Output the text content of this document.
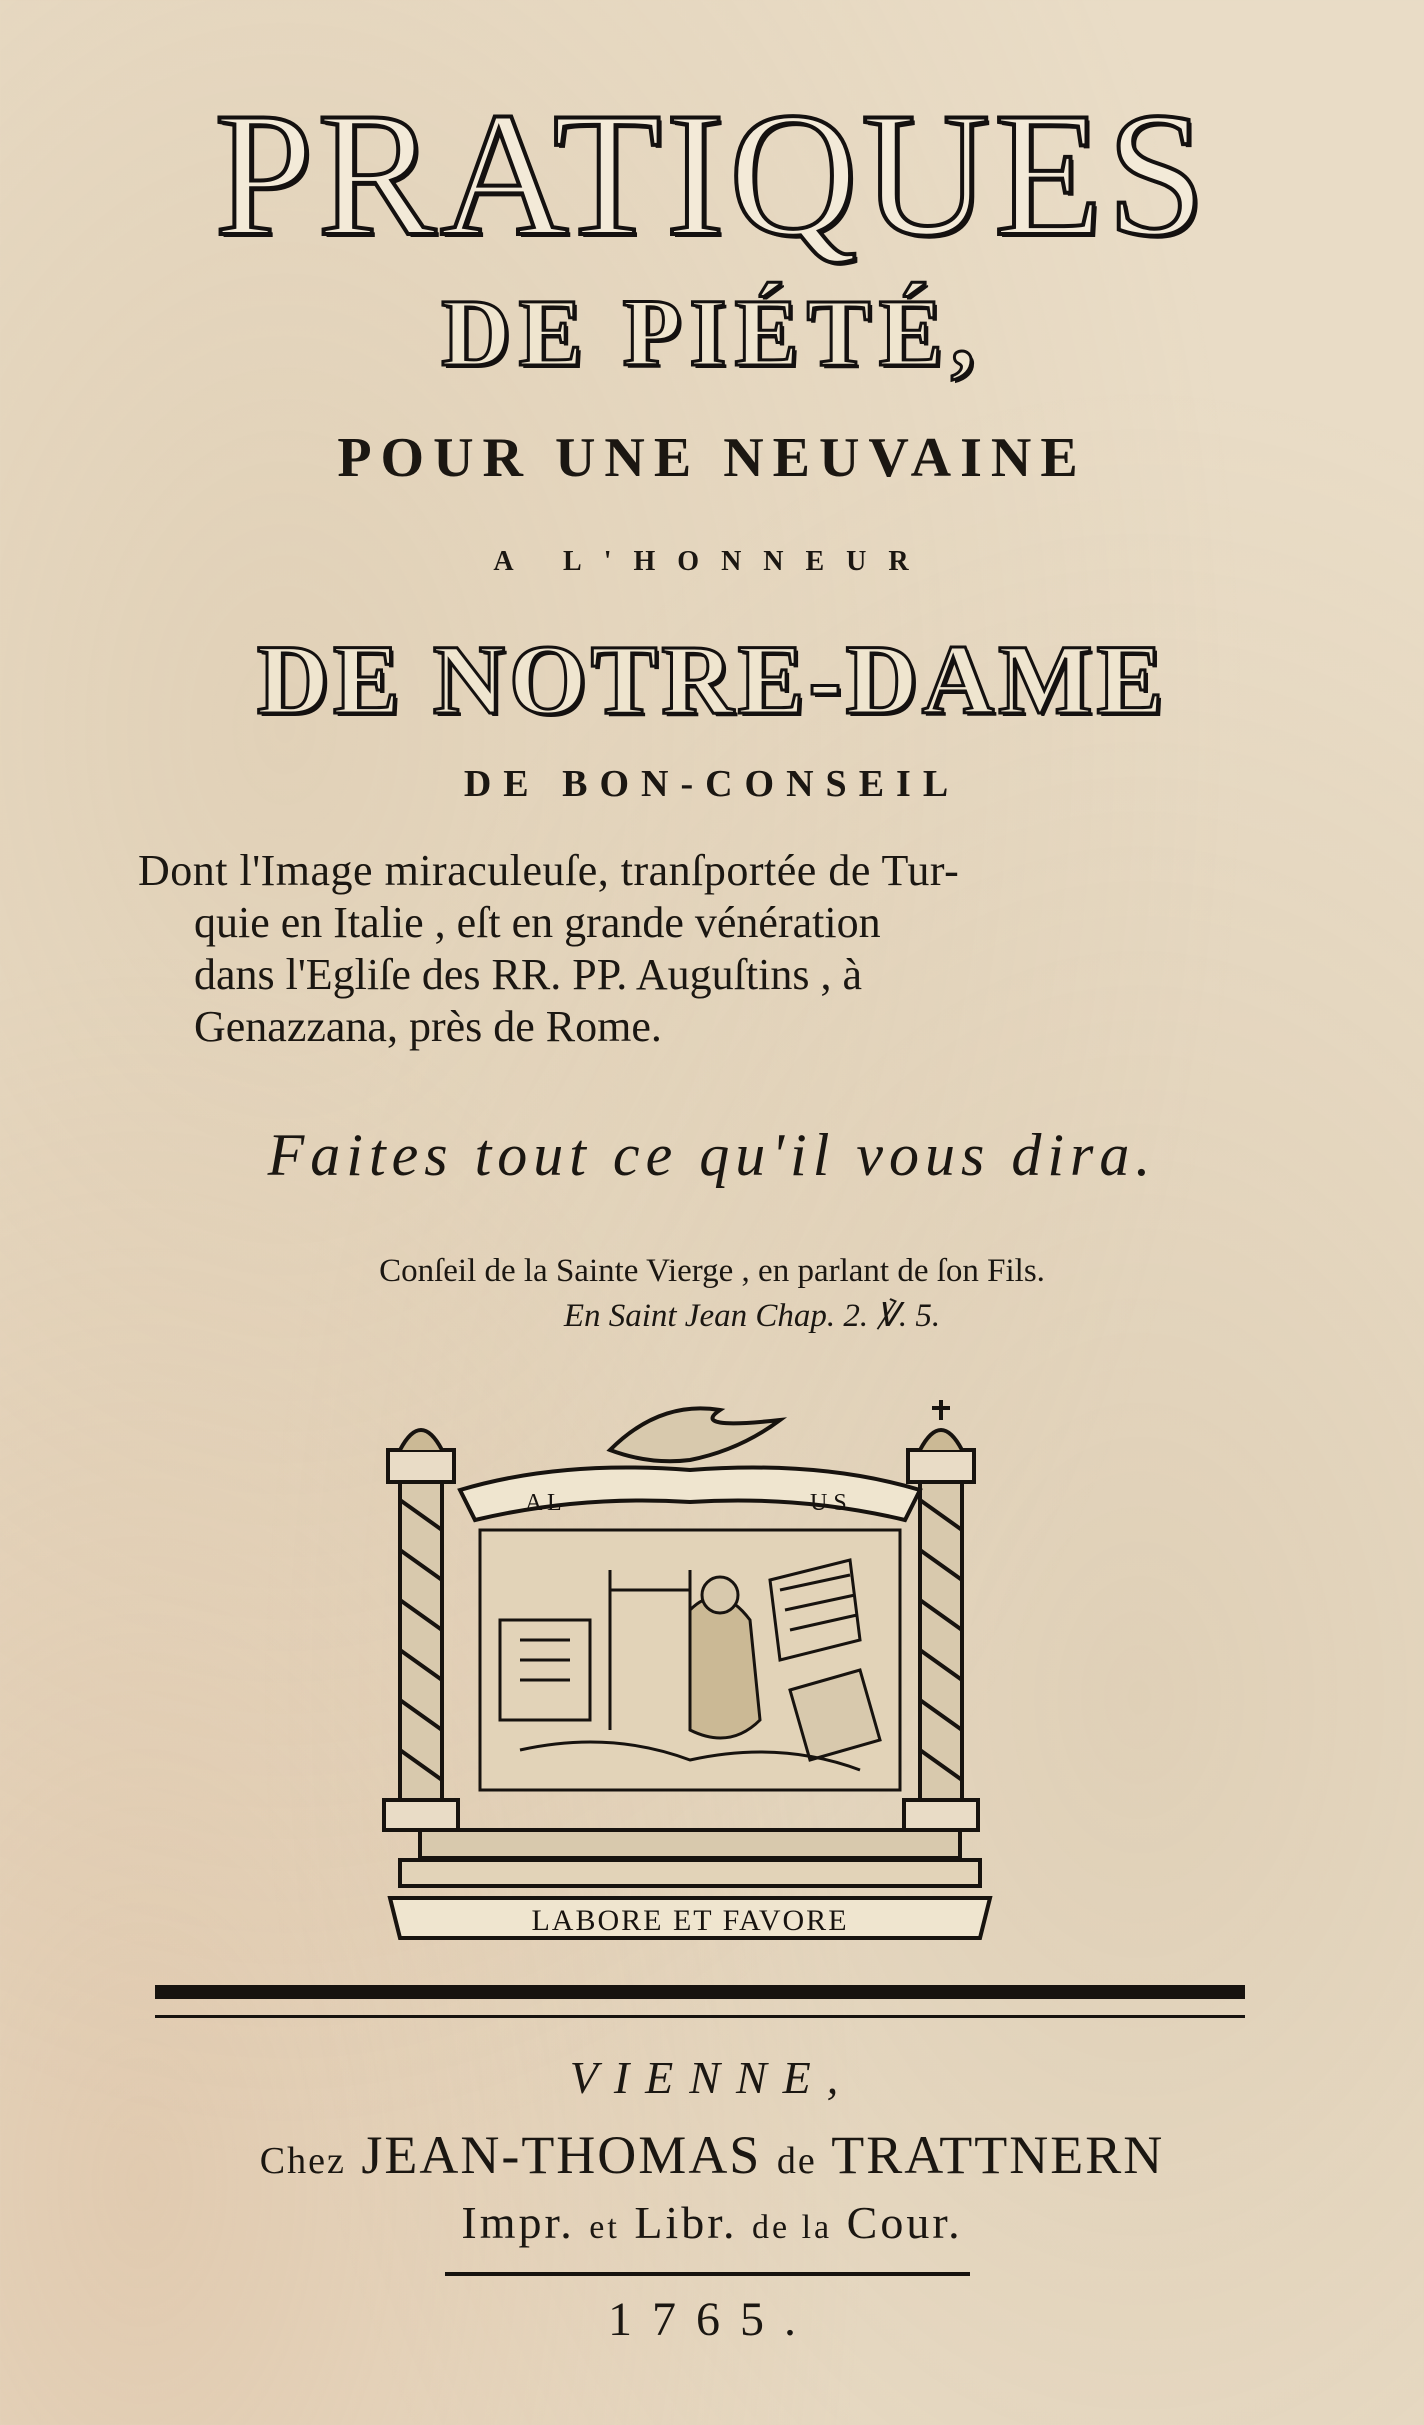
PRATIQUES
DE PIÉTÉ,
POUR UNE NEUVAINE
A L'HONNEUR
DE NOTRE-DAME
DE BON-CONSEIL
Dont l'Image miraculeuſe, tranſportée de Tur-
quie en Italie , eſt en grande vénération
dans l'Egliſe des RR. PP. Auguſtins , à
Genazzana, près de Rome.
Faites tout ce qu'il vous dira.
Conſeil de la Sainte Vierge , en parlant de ſon Fils.
En Saint Jean Chap. 2. ℣. 5.
A L	U S
LABORE ET FAVORE
VIENNE,
Chez JEAN-THOMAS de TRATTNERN
Impr. et Libr. de la Cour.
1765.
